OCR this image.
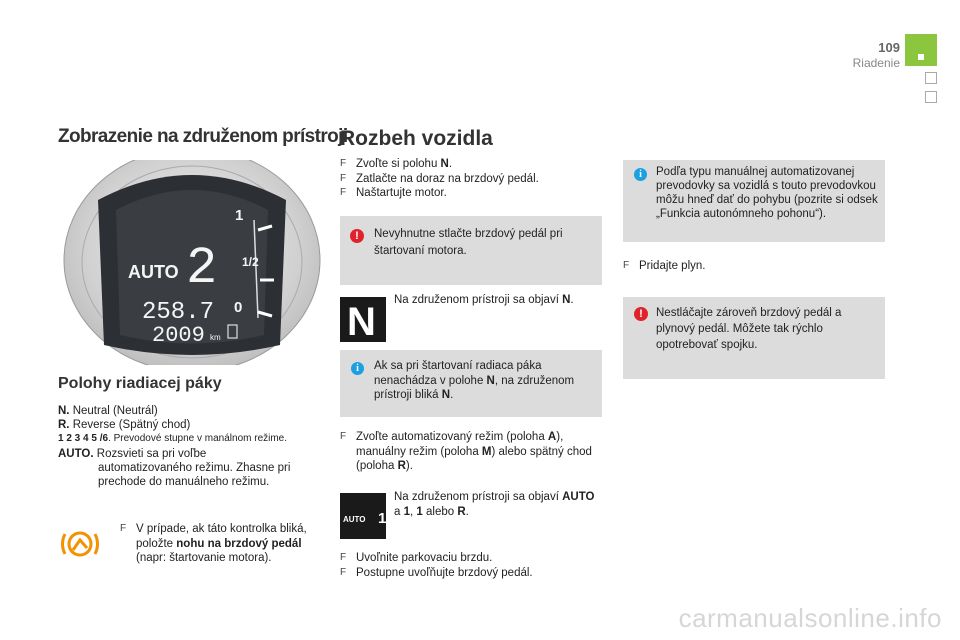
109
Riadenie
Zobrazenie na združenom prístroji
AUTO 2
1
1/2
0
258.7
2009 km
Polohy riadiacej páky

N. Neutral (Neutrál)

R. Reverse (Spätný chod)

1 2 3 4 5 /6. Prevodové stupne v manálnom režime.

AUTO. Rozsvieti sa pri voľbe

automatizovaného režimu. Zhasne pri prechode do manuálneho režimu.

F V prípade, ak táto kontrolka bliká, položte nohu na brzdový pedál
(napr: štartovanie motora).
Rozbeh vozidla
F Zvoľte si polohu N.
F Zatlačte na doraz na brzdový pedál.
F Naštartujte motor.
!	Nevyhnutne stlačte brzdový pedál pri štartovaní motora.
N Na združenom prístroji sa objaví N.
i	Ak sa pri štartovaní radiaca páka nenachádza v polohe N, na združenom prístroji bliká N.
F Zvoľte automatizovaný režim (poloha A), manuálny režim (poloha M) alebo spätný chod (poloha R).
AUTO 1
Na združenom prístroji sa objaví AUTO a 1, 1 alebo R.
F Uvoľnite parkovaciu brzdu.
F Postupne uvoľňujte brzdový pedál.
i	Podľa typu manuálnej automatizovanej prevodovky sa vozidlá s touto prevodovkou môžu hneď dať do pohybu (pozrite si odsek „Funkcia autonómneho pohonu“).
F Pridajte plyn.
!	Nestláčajte zároveň brzdový pedál a plynový pedál. Môžete tak rýchlo opotrebovať spojku.
carmanualsonline.info
